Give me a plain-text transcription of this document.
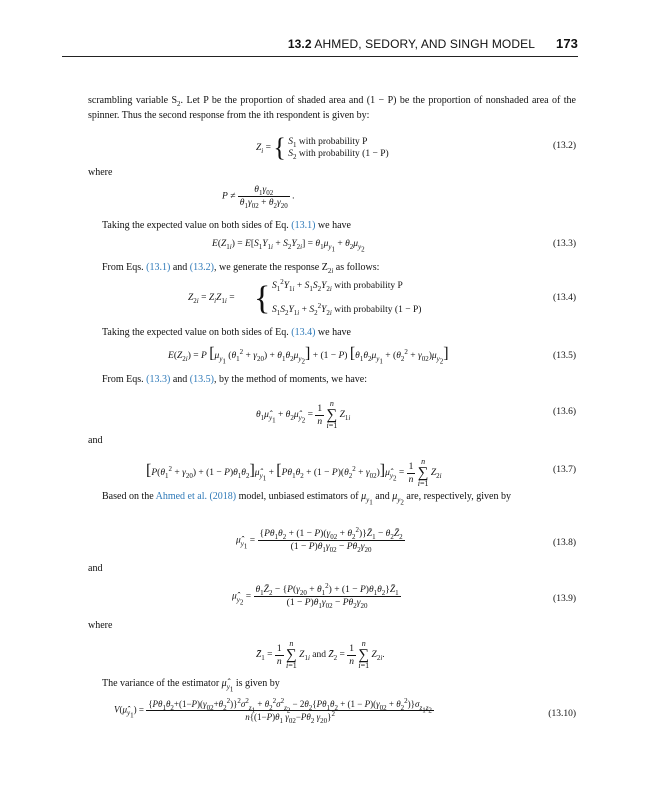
13.2 AHMED, SEDORY, AND SINGH MODEL 173

scrambling variable $S_2$. Let P be the proportion of shaded area and (1 − P) be the proportion of nonshaded area of the spinner. Thus the second response from the ith respondent is given by:

$Z_i$ = { $S_1$ with probability P
$S_2$ with probability (1 − P)
(13.2)

where

$P \ne \frac{\theta_1\gamma_{02}}{\theta_1\gamma_{02} + \theta_2\gamma_{20}}$ .

Taking the expected value on both sides of Eq. (13.1) we have

$E(Z_{1i}) = E[S_1Y_{1i} + S_2Y_{2i}] = \theta_1\mu_{y_1} + \theta_2\mu_{y_2}$
(13.3)

From Eqs. (13.1) and (13.2), we generate the response $Z_{2i}$ as follows:

$Z_{2i} = Z_iZ_{1i}$ = { $S_1^2Y_{1i} + S_1S_2Y_{2i}$ with probability P
$S_1S_2Y_{1i} + S_2^2Y_{2i}$ with probabilty (1 − P)
(13.4)

Taking the expected value on both sides of Eq. (13.4) we have

$E(Z_{2i}) = P$ [$\mu_{y_1}$ $(\theta_1^2 + \gamma_{20}) + \theta_1\theta_2\mu_{y_2}] + (1 - P) [\theta_1\theta_2\mu_{y_1} + (\theta_2^2 + \gamma_{02})\mu_{y_2}]$	(13.5)

From Eqs. (13.3) and (13.5), by the method of moments, we have:

$\theta_1\mû_{y_1}$ + $\theta_2\mû_{y_2} = \frac{1}{n}$ n
∑
i=1 $Z_{1i}$
(13.6)

and

[$P(\theta_1^2 + \gamma_{20}) + (1$ − $P)\theta_1\theta_2]\mû_{y_1} + [P\theta_1\theta_2 + (1 - P)(\theta_2^2$ + $\gamma_{02})]\mû_{y_2} = \frac{1}{n}$ n
∑
i=1 $Z_{2i}$
(13.7)

Based on the Ahmed et al. (2018) model, unbiased estimators of $\mu_{y_1}$ and $\mu_{y_2}$ are, respectively, given by

$\mû_{y_1} = \frac{\{P\theta_1\theta_2 + (1 - P)(\gamma_{02} + \theta_2^2)\}Z̄_1 - \theta_2Z̄_2}{(1 - P)\theta_1\gamma_{02} - P\theta_2\gamma_{20}}$	(13.8)

and

$\mû_{y_2} = \frac{\theta_1Z̄_2 - \{P(\gamma_{20} + \theta_1^2) + (1 - P)\theta_1\theta_2\}Z̄_1}{(1 - P)\theta_1\gamma_{02} - P\theta_2\gamma_{20}}$	(13.9)

where

$Z̄_1 = \frac{1}{n}$ n
∑
i=1 $Z_{1i}$ and $Z̄_2 = \frac{1}{n}$ n
∑
i=1 $Z_{2i}$.

The variance of the estimator $\mû_{y_1}$ is given by

$V(\mû_{y_1})$ =
$\{P\theta_1\theta_2+(1-P)(\gamma_{02}+\theta_2^2)\}^2\sigma^2_{z_1} + \theta_2^2\sigma^2_{z_2} - 2\theta_2\{P\theta_1\theta_2 + (1 - P)(\gamma_{02} + \theta_2^2)\}\sigma_{z_1z_2}$
$n\{(1-P)\theta_1$ $\gamma_{02}-P\theta_2$ $\gamma_{20}\}^2$	(13.10)
